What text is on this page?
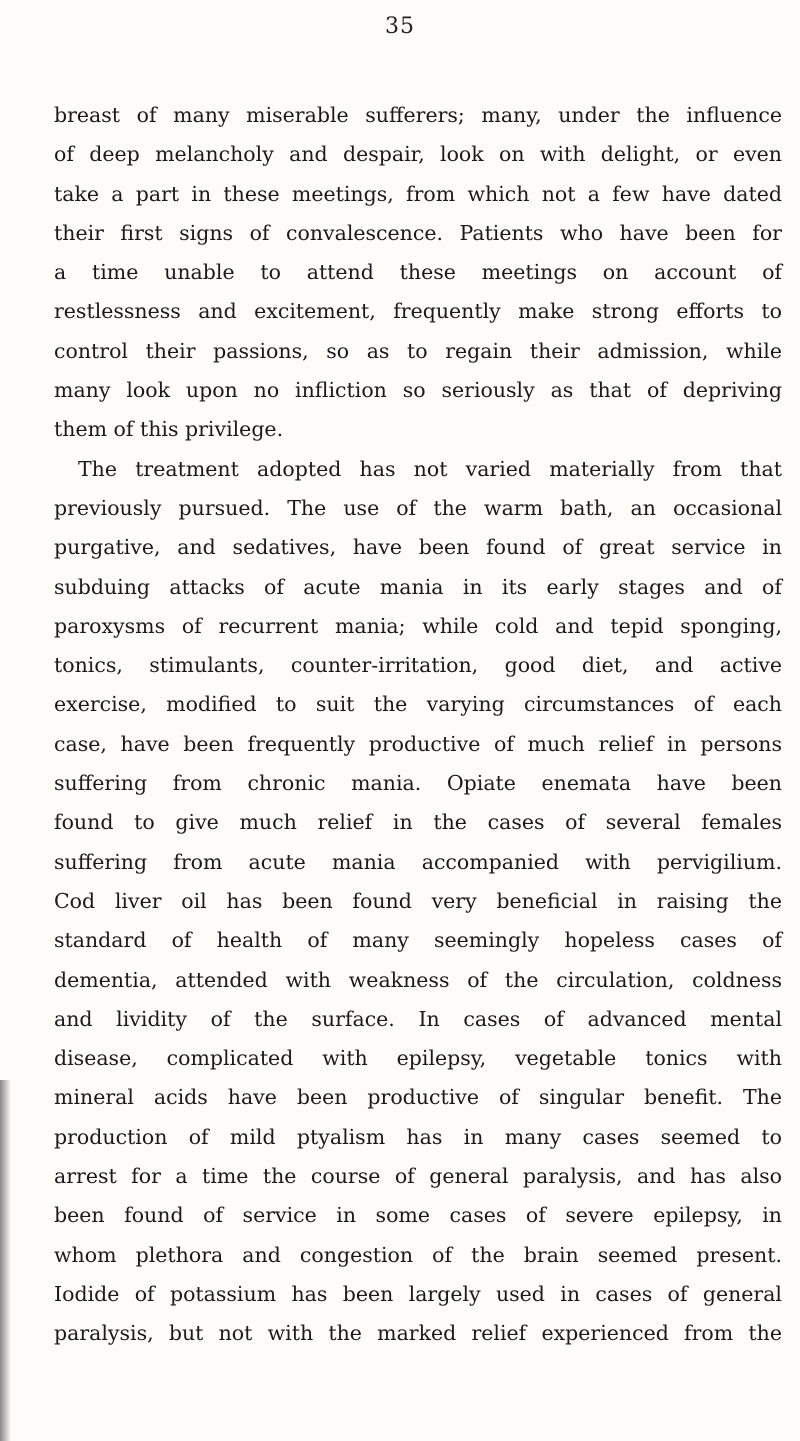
35
breast of many miserable sufferers; many, under the influence
of deep melancholy and despair, look on with delight, or even
take a part in these meetings, from which not a few have dated
their first signs of convalescence. Patients who have been for
a time unable to attend these meetings on account of
restlessness and excitement, frequently make strong efforts to
control their passions, so as to regain their admission, while
many look upon no infliction so seriously as that of depriving
them of this privilege.
The treatment adopted has not varied materially from that
previously pursued. The use of the warm bath, an occasional
purgative, and sedatives, have been found of great service in
subduing attacks of acute mania in its early stages and of
paroxysms of recurrent mania; while cold and tepid sponging,
tonics, stimulants, counter-irritation, good diet, and active
exercise, modified to suit the varying circumstances of each
case, have been frequently productive of much relief in persons
suffering from chronic mania. Opiate enemata have been
found to give much relief in the cases of several females
suffering from acute mania accompanied with pervigilium.
Cod liver oil has been found very beneficial in raising the
standard of health of many seemingly hopeless cases of
dementia, attended with weakness of the circulation, coldness
and lividity of the surface. In cases of advanced mental
disease, complicated with epilepsy, vegetable tonics with
mineral acids have been productive of singular benefit. The
production of mild ptyalism has in many cases seemed to
arrest for a time the course of general paralysis, and has also
been found of service in some cases of severe epilepsy, in
whom plethora and congestion of the brain seemed present.
Iodide of potassium has been largely used in cases of general
paralysis, but not with the marked relief experienced from the
